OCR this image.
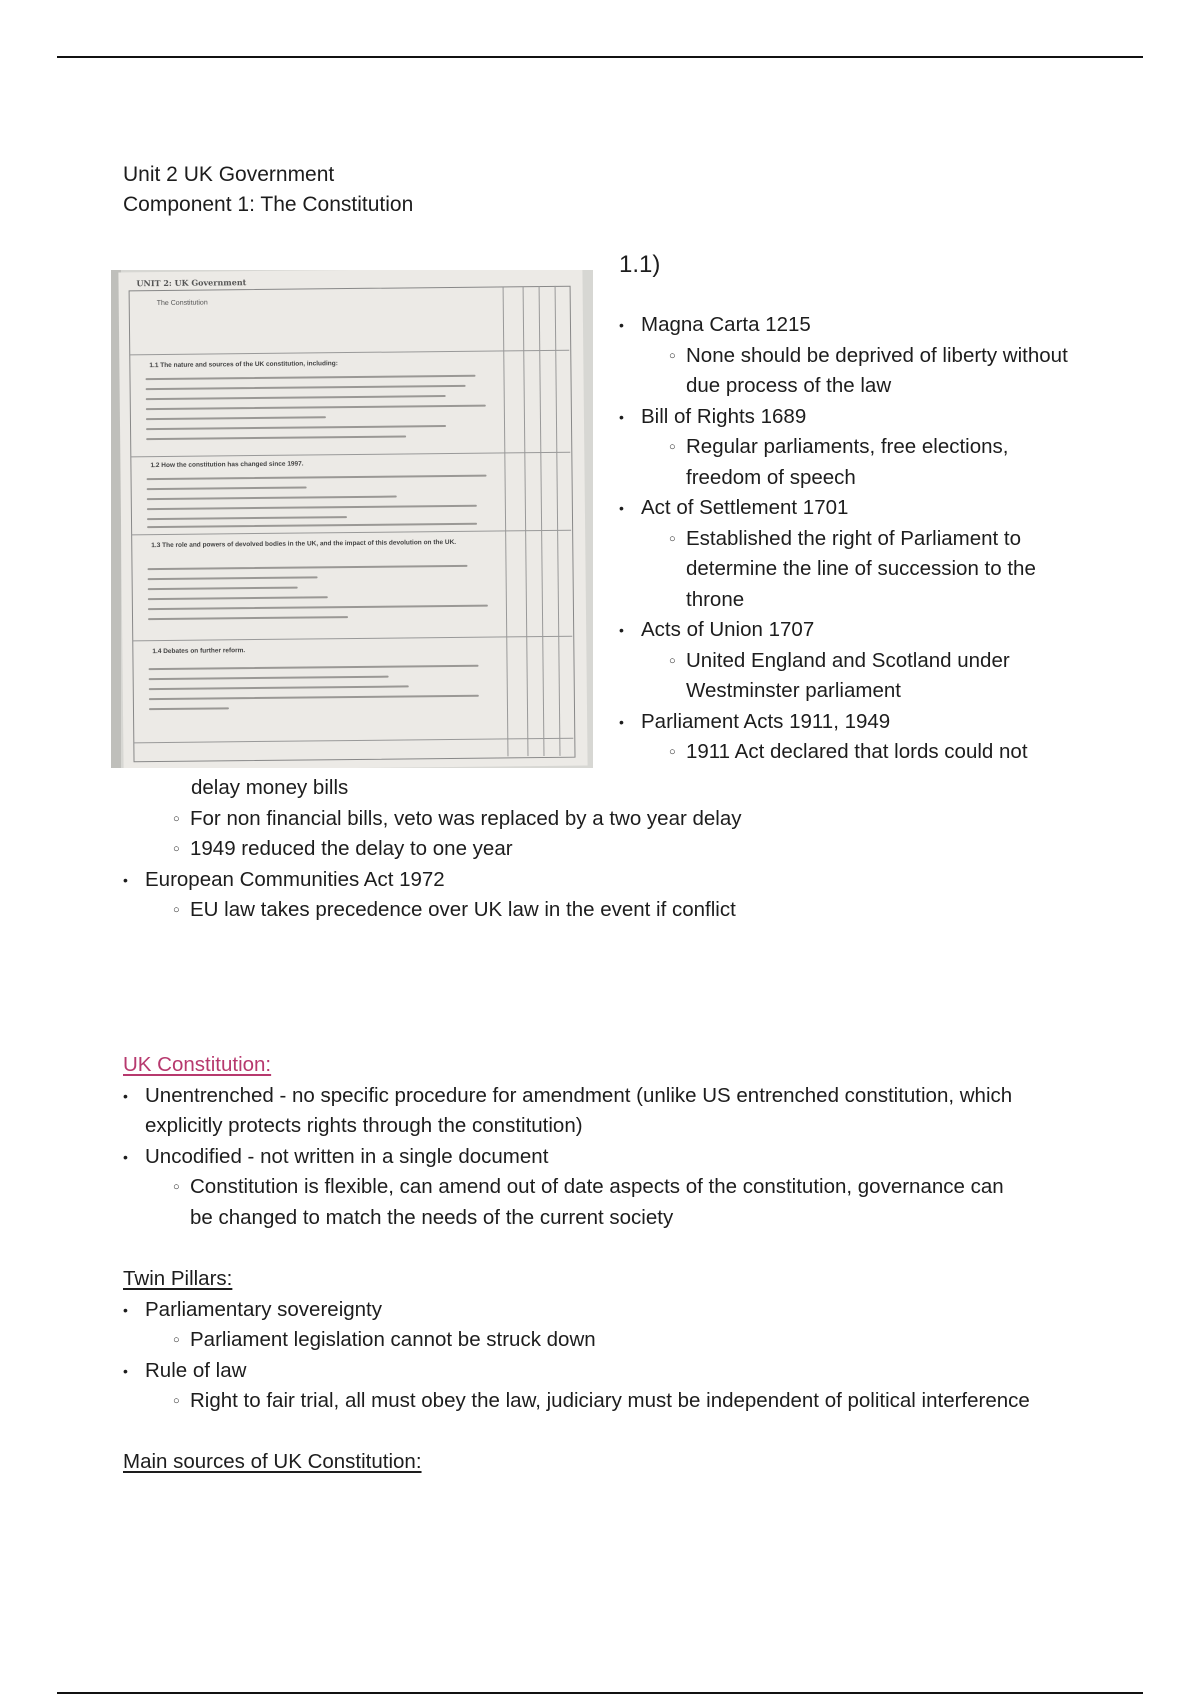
Unit 2 UK Government
Component 1: The Constitution
UNIT 2: UK Government
The Constitution
1.1 The nature and sources of the UK constitution, including:
1.2 How the constitution has changed since 1997.
1.3 The role and powers of devolved bodies in the UK, and the impact of this devolution on the UK.
1.4 Debates on further reform.
1.1)
• Magna Carta 1215
○ None should be deprived of liberty without
due process of the law
• Bill of Rights 1689
○ Regular parliaments, free elections,
freedom of speech
• Act of Settlement 1701
○ Established the right of Parliament to
determine the line of succession to the
throne
• Acts of Union 1707
○ United England and Scotland under
Westminster parliament
• Parliament Acts 1911, 1949
○ 1911 Act declared that lords could not
delay money bills
○ For non financial bills, veto was replaced by a two year delay
○ 1949 reduced the delay to one year
• European Communities Act 1972
○ EU law takes precedence over UK law in the event if conflict
UK Constitution:
• Unentrenched - no specific procedure for amendment (unlike US entrenched constitution, which
explicitly protects rights through the constitution)
• Uncodified - not written in a single document
○ Constitution is flexible, can amend out of date aspects of the constitution, governance can
be changed to match the needs of the current society
Twin Pillars:
• Parliamentary sovereignty
○ Parliament legislation cannot be struck down
• Rule of law
○ Right to fair trial, all must obey the law, judiciary must be independent of political interference
Main sources of UK Constitution:
